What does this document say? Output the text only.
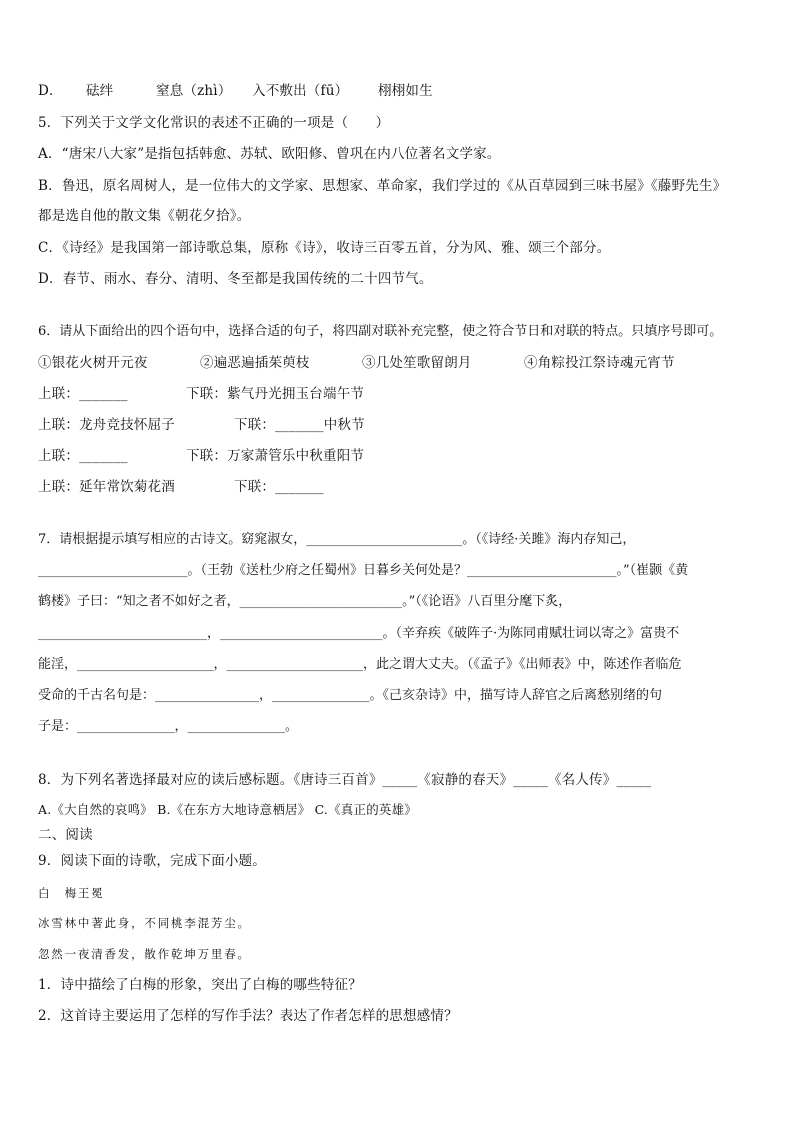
D． 砝绊	窒息（zhì） 入不敷出（fū） 栩栩如生
5．下列关于文学文化常识的表述不正确的一项是（　　）
A．“唐宋八大家”是指包括韩愈、苏轼、欧阳修、曾巩在内八位著名文学家。
B．鲁迅，原名周树人，是一位伟大的文学家、思想家、革命家，我们学过的《从百草园到三味书屋》《藤野先生》
都是选自他的散文集《朝花夕拾》。
C．《诗经》是我国第一部诗歌总集，原称《诗》，收诗三百零五首，分为风、雅、颂三个部分。
D．春节、雨水、春分、清明、冬至都是我国传统的二十四节气。
6．请从下面给出的四个语句中，选择合适的句子，将四副对联补充完整，使之符合节日和对联的特点。只填序号即可。
①银花火树开元夜	②遍恶遍插茱萸枝	③几处笙歌留朗月	④角粽投江祭诗魂元宵节
上联：_______	下联：紫气丹光拥玉台端午节
上联：龙舟竞技怀屈子	下联：_______中秋节
上联：_______	下联：万家萧管乐中秋重阳节
上联：延年常饮菊花酒	下联：_______
7．请根据提示填写相应的古诗文。窈窕淑女，________________________。（《诗经·关雎》海内存知己，
_______________________。（王勃《送杜少府之任蜀州》日暮乡关何处是？_______________________。”（崔颢《黄
鹤楼》子曰：“知之者不如好之者，_________________________。”（《论语》八百里分麾下炙，
__________________________，_________________________。（辛弃疾《破阵子·为陈同甫赋壮词以寄之》富贵不
能淫，_____________________，_____________________，此之谓大丈夫。（《孟子》《出师表》中，陈述作者临危
受命的千古名句是：________________，_______________。《己亥杂诗》中，描写诗人辞官之后离愁别绪的句
子是：_______________，_______________。
8．为下列名著选择最对应的读后感标题。《唐诗三百首》_____《寂静的春天》_____《名人传》_____
A.《大自然的哀鸣》 B.《在东方大地诗意栖居》 C.《真正的英雄》
二、阅读
9．阅读下面的诗歌，完成下面小题。
白　梅王冕
冰雪林中著此身，不同桃李混芳尘。
忽然一夜清香发，散作乾坤万里春。
1．诗中描绘了白梅的形象，突出了白梅的哪些特征？
2．这首诗主要运用了怎样的写作手法？表达了作者怎样的思想感情？
